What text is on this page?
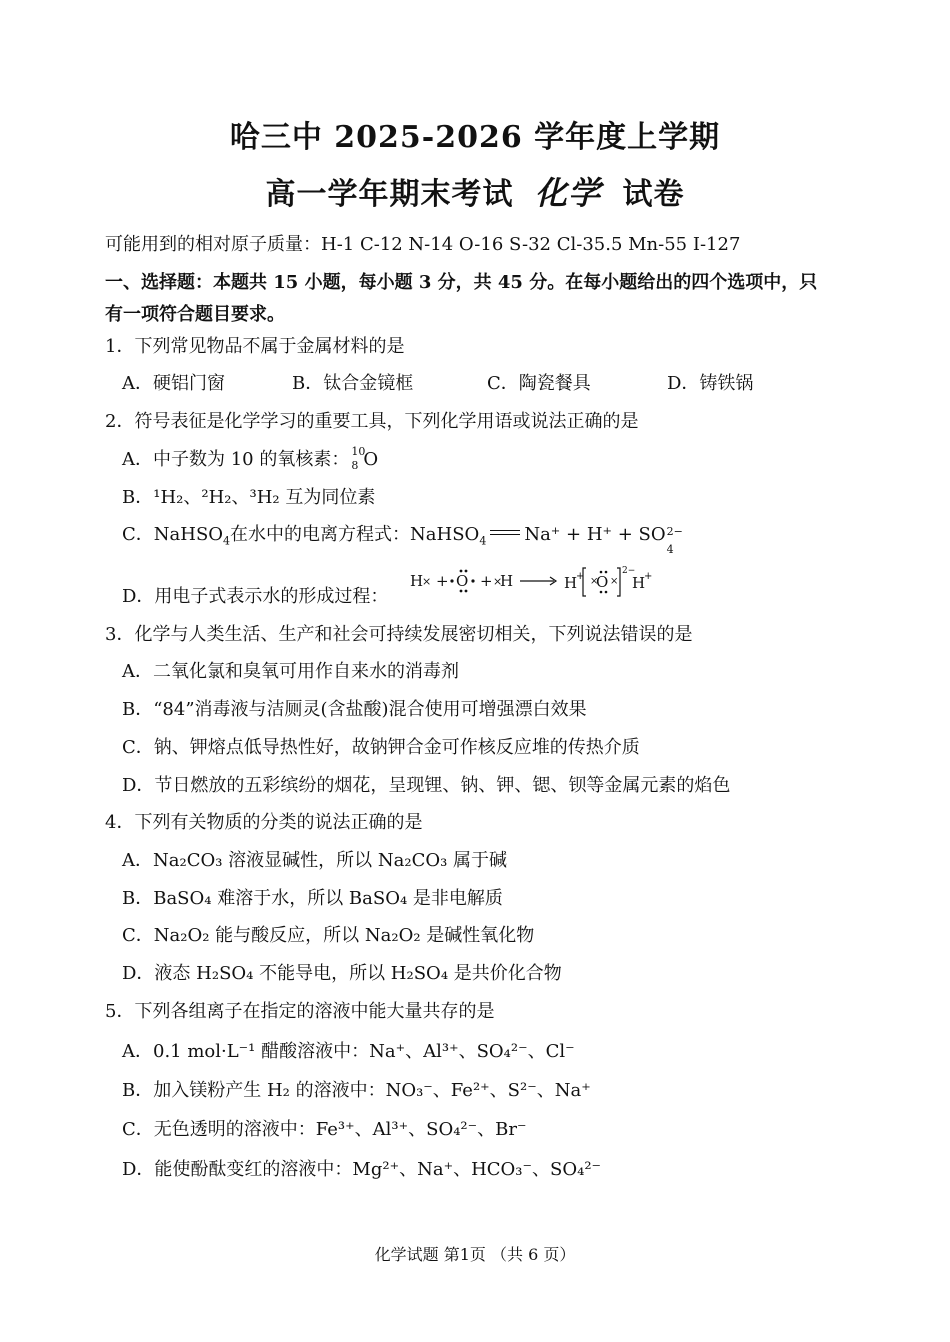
哈三中 2025-2026 学年度上学期
高一学年期末考试 化学 试卷
可能用到的相对原子质量：H-1 C-12 N-14 O-16 S-32 Cl-35.5 Mn-55 I-127
一、选择题：本题共 15 小题，每小题 3 分，共 45 分。在每小题给出的四个选项中，只
有一项符合题目要求。
1．下列常见物品不属于金属材料的是
A．硬铝门窗	B．钛合金镜框	C．陶瓷餐具	D．铸铁锅
2．符号表征是化学学习的重要工具，下列化学用语或说法正确的是
A．中子数为 10 的氧核素： 10
8 O
B．¹H₂、²H₂、³H₂ 互为同位素
C．NaHSO$_4$在水中的电离方程式：NaHSO$_4$ Na⁺ + H⁺ + SO 2−
4
D．用电子式表示水的形成过程：
H
× + O + ×
H	H
+ ×
O ×
2−
H
+
3．化学与人类生活、生产和社会可持续发展密切相关，下列说法错误的是
A．二氧化氯和臭氧可用作自来水的消毒剂
B．“84”消毒液与洁厕灵(含盐酸)混合使用可增强漂白效果
C．钠、钾熔点低导热性好，故钠钾合金可作核反应堆的传热介质
D．节日燃放的五彩缤纷的烟花，呈现锂、钠、钾、锶、钡等金属元素的焰色
4．下列有关物质的分类的说法正确的是
A．Na₂CO₃ 溶液显碱性，所以 Na₂CO₃ 属于碱
B．BaSO₄ 难溶于水，所以 BaSO₄ 是非电解质
C．Na₂O₂ 能与酸反应，所以 Na₂O₂ 是碱性氧化物
D．液态 H₂SO₄ 不能导电，所以 H₂SO₄ 是共价化合物
5．下列各组离子在指定的溶液中能大量共存的是
A．0.1 mol·L⁻¹ 醋酸溶液中：Na⁺、Al³⁺、SO₄²⁻、Cl⁻
B．加入镁粉产生 H₂ 的溶液中：NO₃⁻、Fe²⁺、S²⁻、Na⁺
C．无色透明的溶液中：Fe³⁺、Al³⁺、SO₄²⁻、Br⁻
D．能使酚酞变红的溶液中：Mg²⁺、Na⁺、HCO₃⁻、SO₄²⁻
化学试题 第1页 （共 6 页）
